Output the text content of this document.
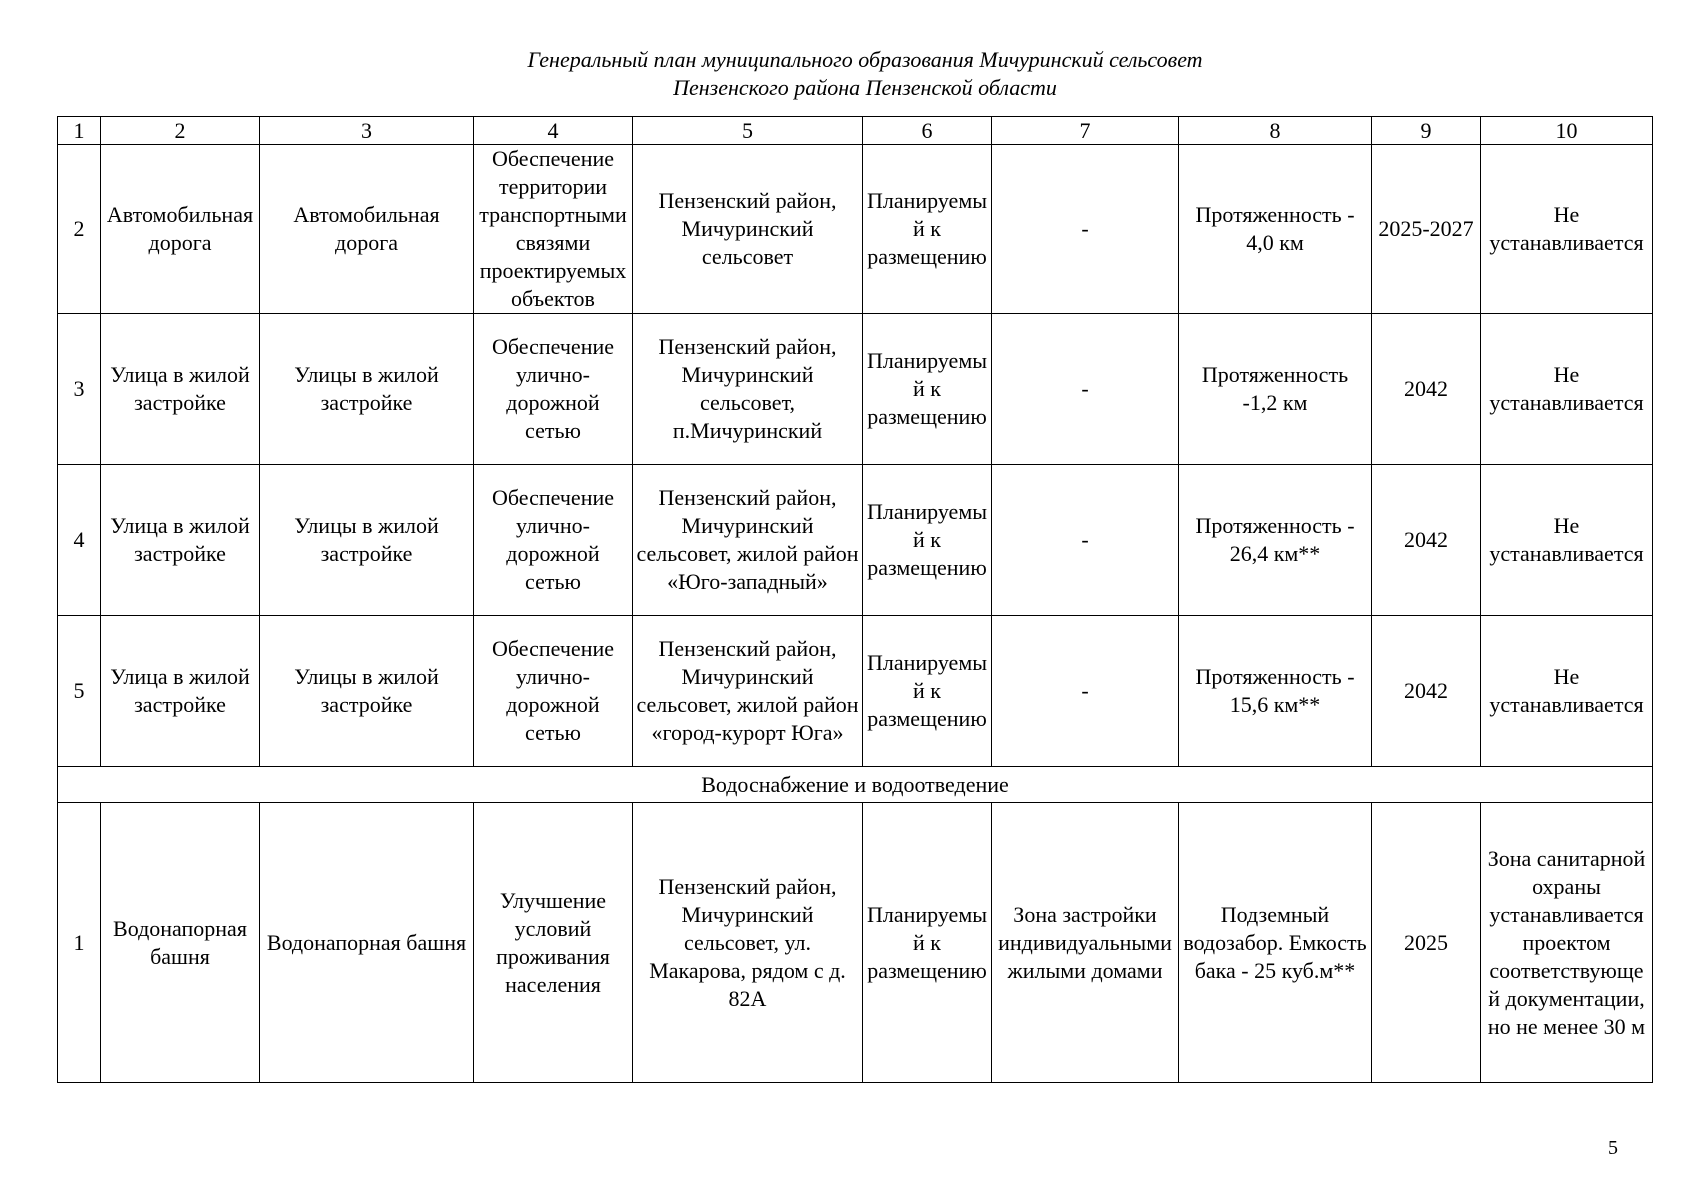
Генеральный план муниципального образования Мичуринский сельсовет
Пензенского района Пензенской области
1	2	3	4	5	6	7	8	9	10
2	Автомобильная дорога	Автомобильная дорога	Обеспечение территории транспортными связями проектируемых объектов	Пензенский район, Мичуринский сельсовет	Планируемый к размещению	-	Протяженность - 4,0 км	2025-2027	Не устанавливается
3	Улица в жилой застройке	Улицы в жилой застройке	Обеспечение улично-дорожной сетью	Пензенский район, Мичуринский сельсовет, п.Мичуринский	Планируемый к размещению	-	Протяженность -1,2 км	2042	Не устанавливается
4	Улица в жилой застройке	Улицы в жилой застройке	Обеспечение улично-дорожной сетью	Пензенский район, Мичуринский сельсовет, жилой район «Юго-западный»	Планируемый к размещению	-	Протяженность - 26,4 км**	2042	Не устанавливается
5	Улица в жилой застройке	Улицы в жилой застройке	Обеспечение улично-дорожной сетью	Пензенский район, Мичуринский сельсовет, жилой район «город-курорт Юга»	Планируемый к размещению	-	Протяженность - 15,6 км**	2042	Не устанавливается
Водоснабжение и водоотведение									
1	Водонапорная башня	Водонапорная башня	Улучшение условий проживания населения	Пензенский район, Мичуринский сельсовет, ул. Макарова, рядом с д. 82А	Планируемый к размещению	Зона застройки индивидуальными жилыми домами	Подземный водозабор. Емкость бака - 25 куб.м**	2025	Зона санитарной охраны устанавливается проектом соответствующей документации, но не менее 30 м
5
